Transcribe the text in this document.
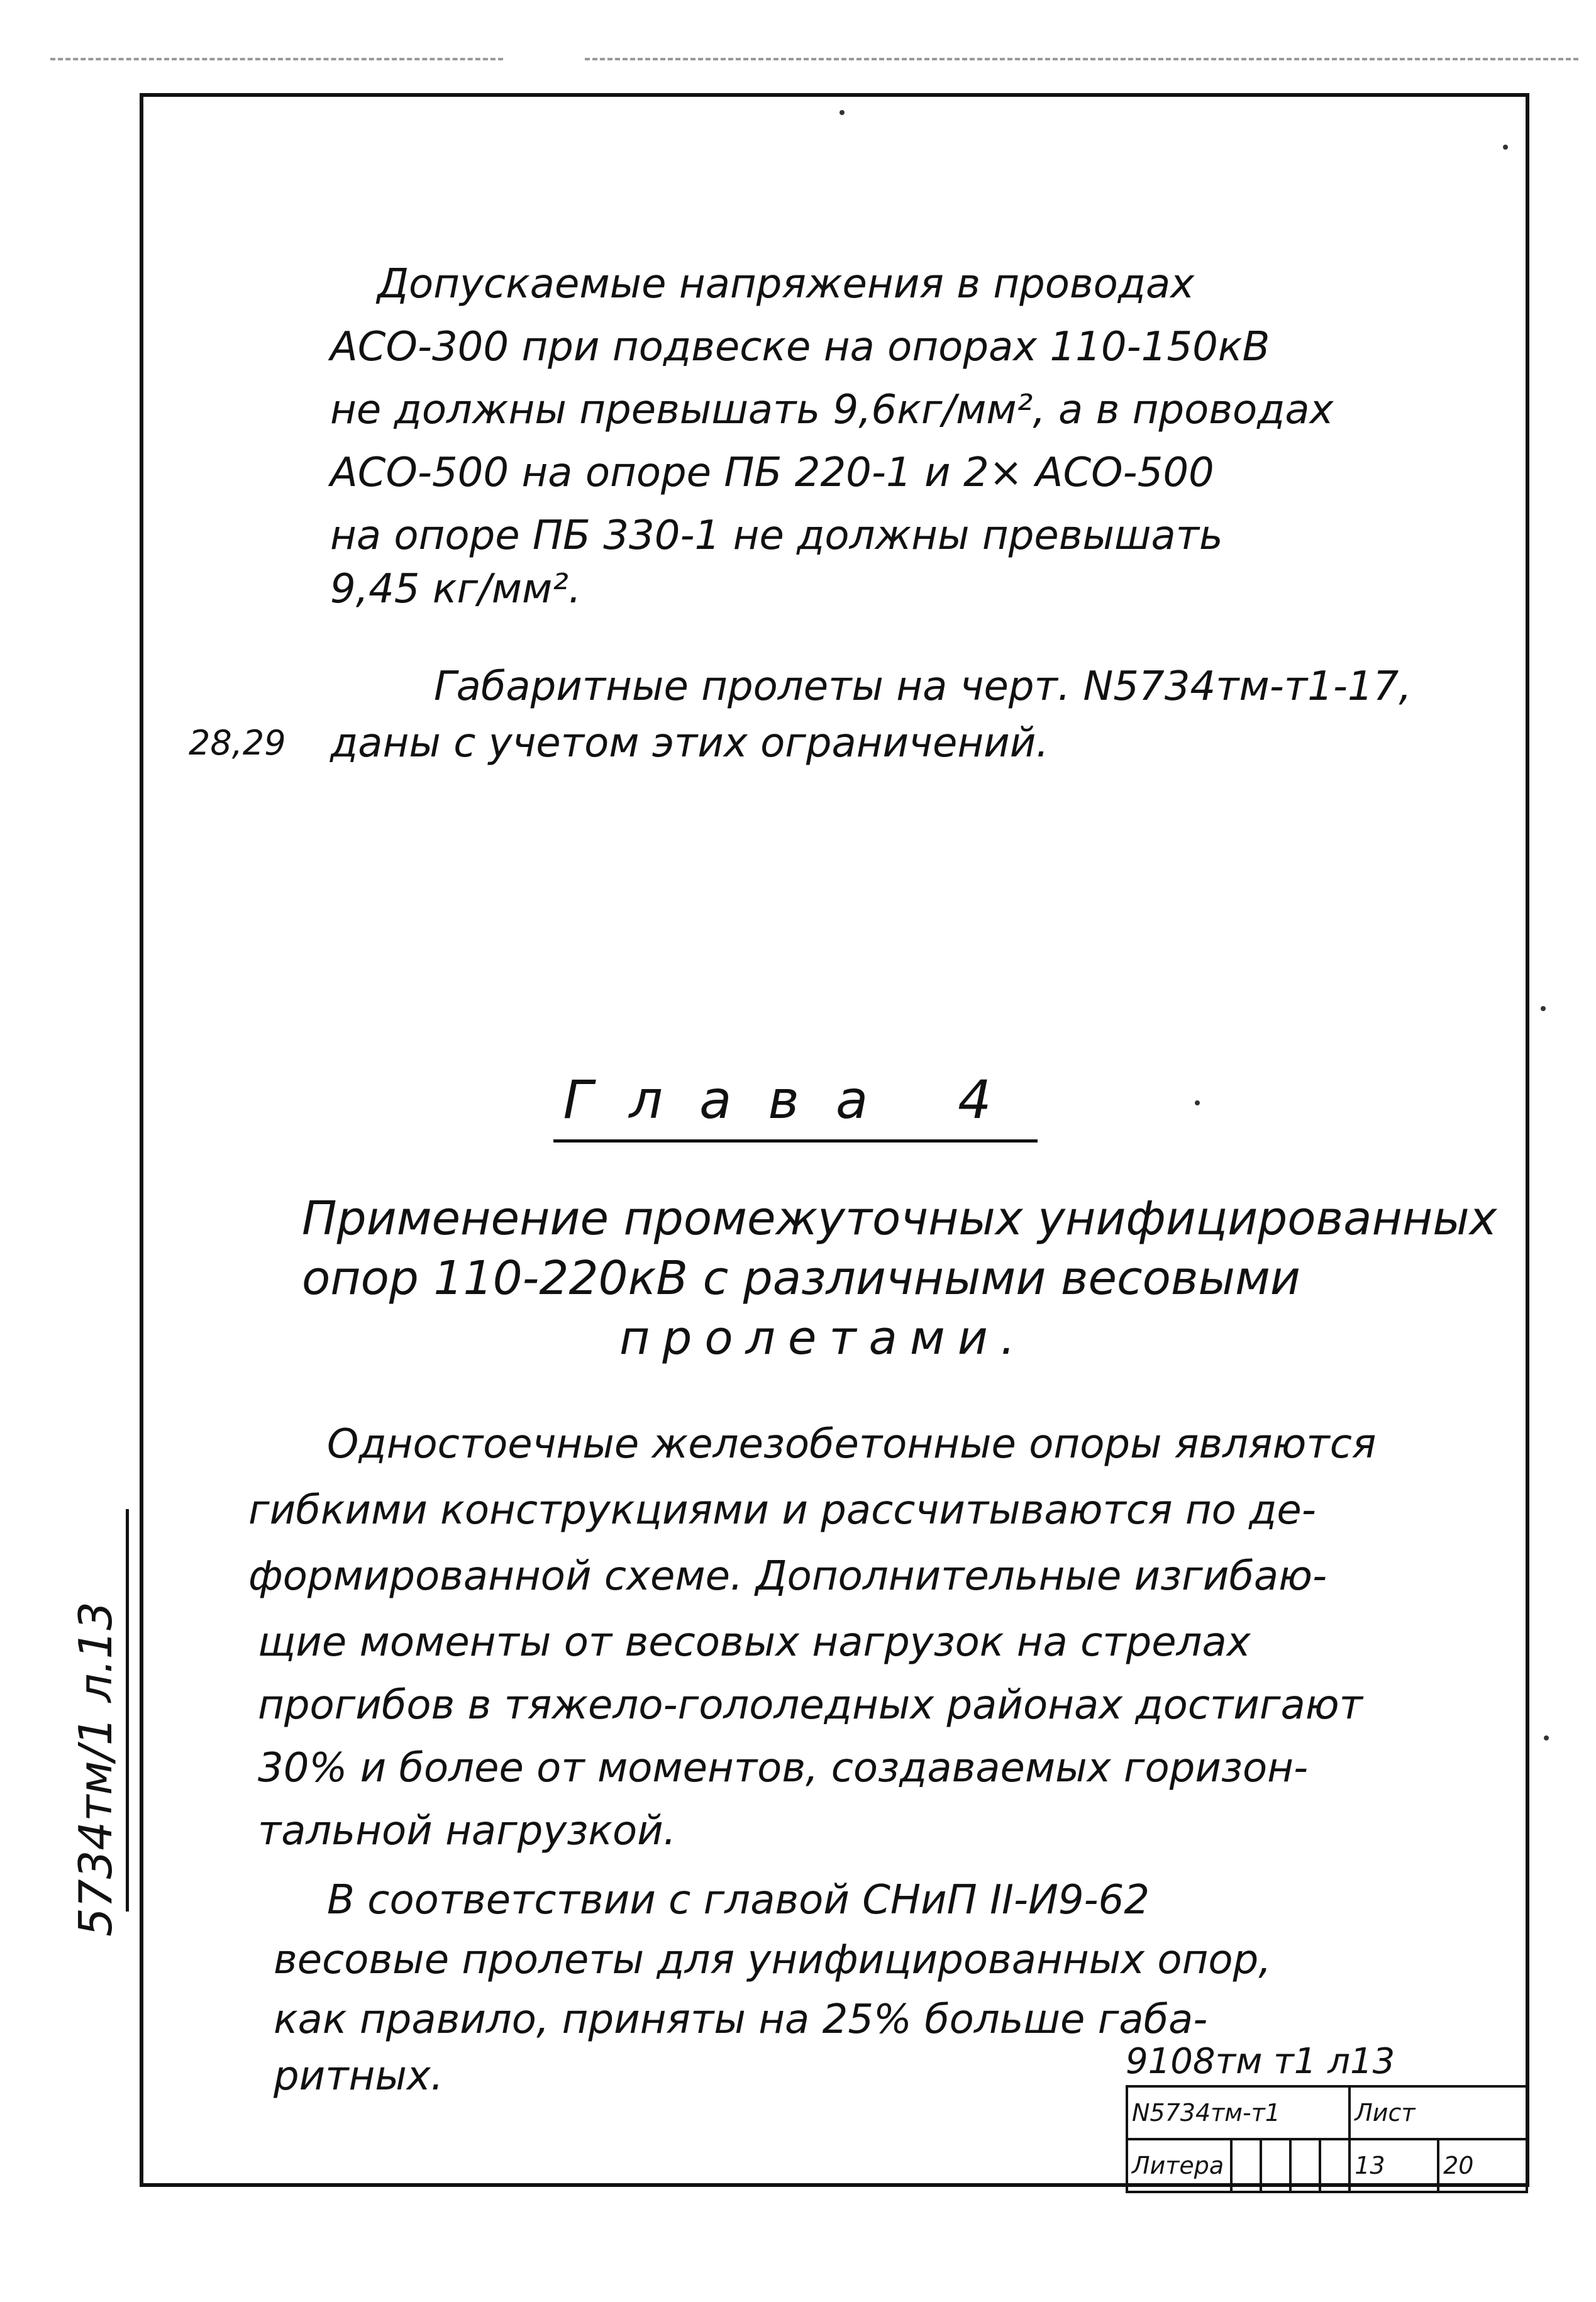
Допускаемые напряжения в проводах
АСО-300 при подвеске на опорах 110-150кВ
не должны превышать 9,6кг/мм², а в проводах
АСО-500 на опоре ПБ 220-1 и 2× АСО-500
на опоре ПБ 330-1 не должны превышать
9,45 кг/мм².
Габаритные пролеты на черт. N5734тм-т1-17,
28,29 даны с учетом этих ограничений.
Глава 4
Применение промежуточных унифицированных
опор 110-220кВ с различными весовыми
пролетами.
Одностоечные железобетонные опоры являются
гибкими конструкциями и рассчитываются по де-
формированной схеме. Дополнительные изгибаю-
щие моменты от весовых нагрузок на стрелах
прогибов в тяжело-гололедных районах достигают
30% и более от моментов, создаваемых горизон-
тальной нагрузкой.
В соответствии с главой СНиП II-И9-62
весовые пролеты для унифицированных опор,
как правило, приняты на 25% больше габа-
ритных.
5734тм/1 л.13
9108тм т1 л13
N5734тм-т1					Лист	
Литера					13	20
